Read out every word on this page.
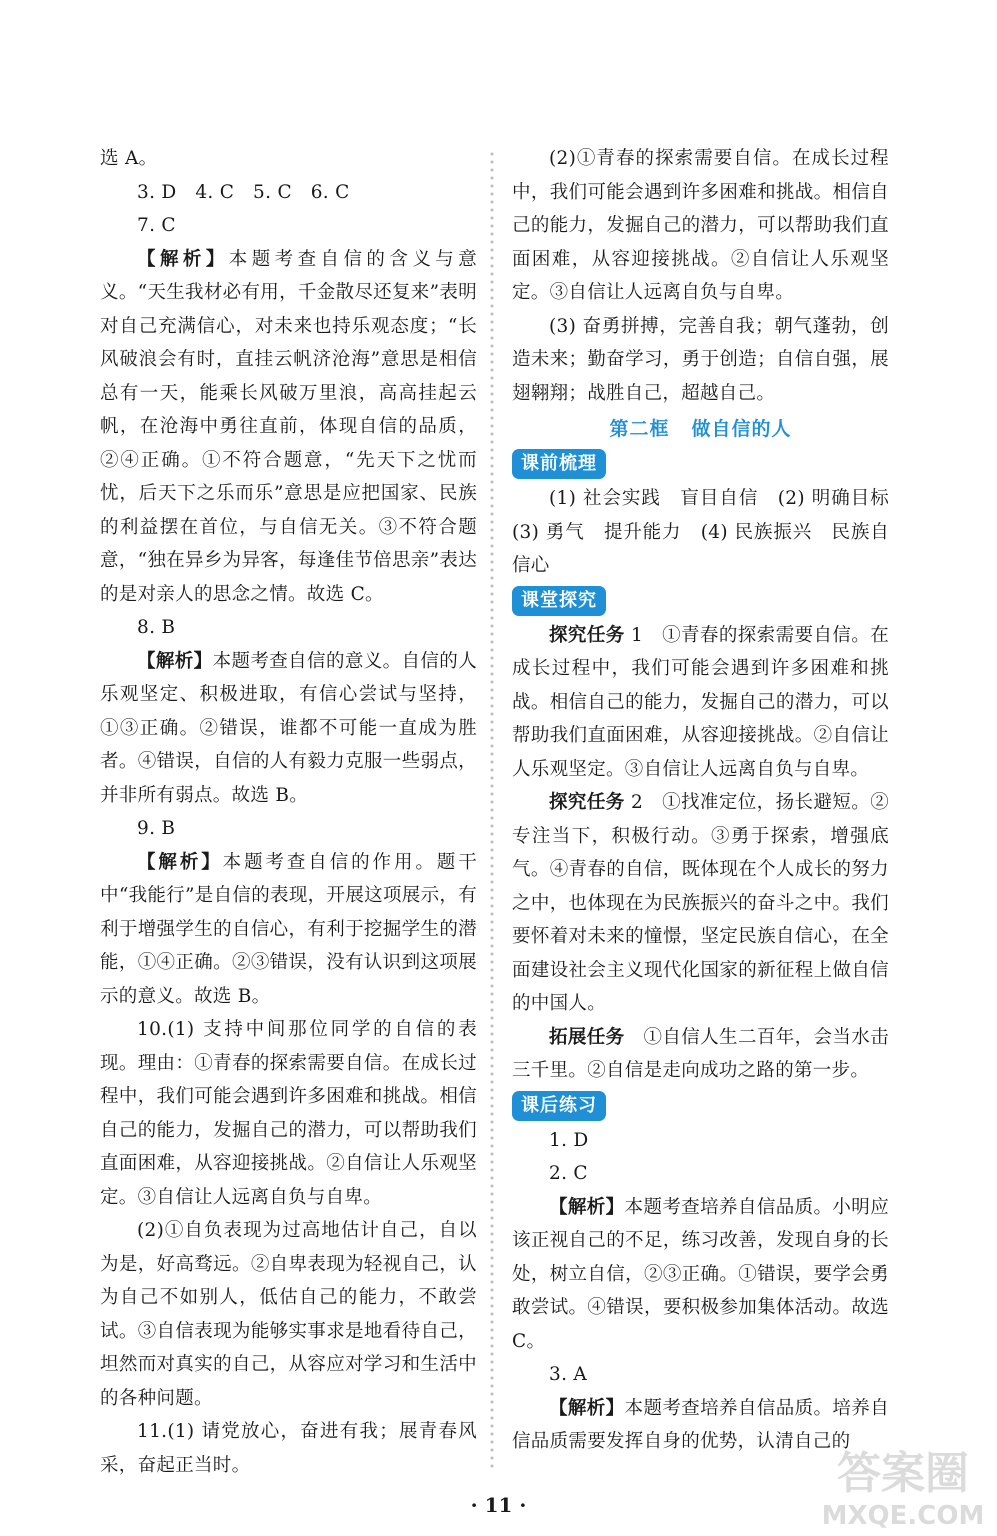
选 A。

3. D　4. C　5. C　6. C

7. C

【解析】本题考查自信的含义与意义。“天生我材必有用，千金散尽还复来”表明对自己充满信心，对未来也持乐观态度；“长风破浪会有时，直挂云帆济沧海”意思是相信总有一天，能乘长风破万里浪，高高挂起云帆，在沧海中勇往直前，体现自信的品质，②④正确。①不符合题意，“先天下之忧而忧，后天下之乐而乐”意思是应把国家、民族的利益摆在首位，与自信无关。③不符合题意，“独在异乡为异客，每逢佳节倍思亲”表达的是对亲人的思念之情。故选 C。

8. B

【解析】本题考查自信的意义。自信的人乐观坚定、积极进取，有信心尝试与坚持，①③正确。②错误，谁都不可能一直成为胜者。④错误，自信的人有毅力克服一些弱点，并非所有弱点。故选 B。

9. B

【解析】本题考查自信的作用。题干中“我能行”是自信的表现，开展这项展示，有利于增强学生的自信心，有利于挖掘学生的潜能，①④正确。②③错误，没有认识到这项展示的意义。故选 B。

10.(1) 支持中间那位同学的自信的表现。理由：①青春的探索需要自信。在成长过程中，我们可能会遇到许多困难和挑战。相信自己的能力，发掘自己的潜力，可以帮助我们直面困难，从容迎接挑战。②自信让人乐观坚定。③自信让人远离自负与自卑。

(2)①自负表现为过高地估计自己，自以为是，好高骛远。②自卑表现为轻视自己，认为自己不如别人，低估自己的能力，不敢尝试。③自信表现为能够实事求是地看待自己，坦然而对真实的自己，从容应对学习和生活中的各种问题。

11.(1) 请党放心，奋进有我；展青春风采，奋起正当时。

(2)①青春的探索需要自信。在成长过程中，我们可能会遇到许多困难和挑战。相信自己的能力，发掘自己的潜力，可以帮助我们直面困难，从容迎接挑战。②自信让人乐观坚定。③自信让人远离自负与自卑。

(3) 奋勇拼搏，完善自我；朝气蓬勃，创造未来；勤奋学习，勇于创造；自信自强，展翅翱翔；战胜自己，超越自己。

第二框 做自信的人
课前梳理

(1) 社会实践　盲目自信　(2) 明确目标　(3) 勇气　提升能力　(4) 民族振兴　民族自信心

课堂探究

探究任务 1　①青春的探索需要自信。在成长过程中，我们可能会遇到许多困难和挑战。相信自己的能力，发掘自己的潜力，可以帮助我们直面困难，从容迎接挑战。②自信让人乐观坚定。③自信让人远离自负与自卑。

探究任务 2　①找准定位，扬长避短。②专注当下，积极行动。③勇于探索，增强底气。④青春的自信，既体现在个人成长的努力之中，也体现在为民族振兴的奋斗之中。我们要怀着对未来的憧憬，坚定民族自信心，在全面建设社会主义现代化国家的新征程上做自信的中国人。

拓展任务　①自信人生二百年，会当水击三千里。②自信是走向成功之路的第一步。

课后练习

1. D

2. C

【解析】本题考查培养自信品质。小明应该正视自己的不足，练习改善，发现自身的长处，树立自信，②③正确。①错误，要学会勇敢尝试。④错误，要积极参加集体活动。故选 C。

3. A

【解析】本题考查培养自信品质。培养自信品质需要发挥自身的优势，认清自己的

· 11 ·
答案圈
MXQE.COM
